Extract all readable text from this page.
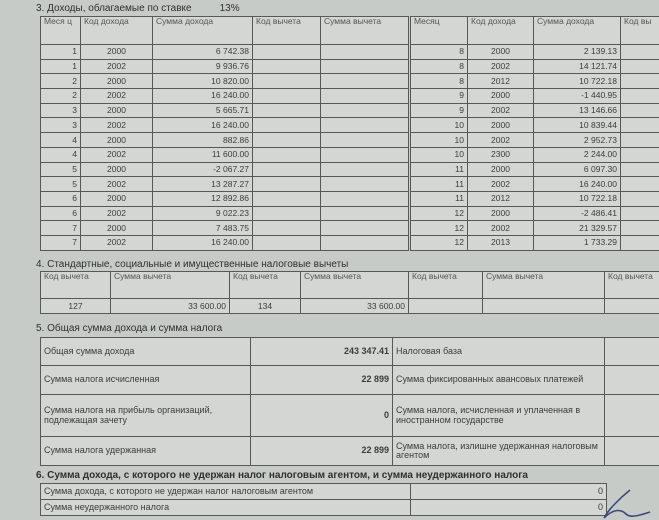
3. Доходы, облагаемые по ставке	13%
Меся ц	Код дохода	Сумма дохода	Код вычета	Сумма вычета
1	2000	6 742.38		
1	2002	9 936.76		
2	2000	10 820.00		
2	2002	16 240.00		
3	2000	5 665.71		
3	2002	16 240.00		
4	2000	882.86		
4	2002	11 600.00		
5	2000	-2 067.27		
5	2002	13 287.27		
6	2000	12 892.86		
6	2002	9 022.23		
7	2000	7 483.75		
7	2002	16 240.00		
Месяц	Код дохода	Сумма дохода	Код вы
8	2000	2 139.13	
8	2002	14 121.74	
8	2012	10 722.18	
9	2000	-1 440.95	
9	2002	13 146.66	
10	2000	10 839.44	
10	2002	2 952.73	
10	2300	2 244.00	
11	2000	6 097.30	
11	2002	16 240.00	
11	2012	10 722.18	
12	2000	-2 486.41	
12	2002	21 329.57	
12	2013	1 733.29	
4. Стандартные, социальные и имущественные налоговые вычеты
Код вычета	Сумма вычета	Код вычета	Сумма вычета	Код вычета	Сумма вычета	Код вычета
127	33 600.00	134	33 600.00			
5. Общая сумма дохода и сумма налога
Общая сумма дохода	243 347.41	Налоговая база	
Сумма налога исчисленная	22 899	Сумма фиксированных авансовых платежей	
Сумма налога на прибыль организаций, подлежащая зачету	0	Сумма налога, исчисленная и уплаченная в иностранном государстве	
Сумма налога удержанная	22 899	Сумма налога, излишне удержанная налоговым агентом	
6. Сумма дохода, с которого не удержан налог налоговым агентом, и сумма неудержанного налога
Сумма дохода, с которого не удержан налог налоговым агентом	0
Сумма неудержанного налога	0
